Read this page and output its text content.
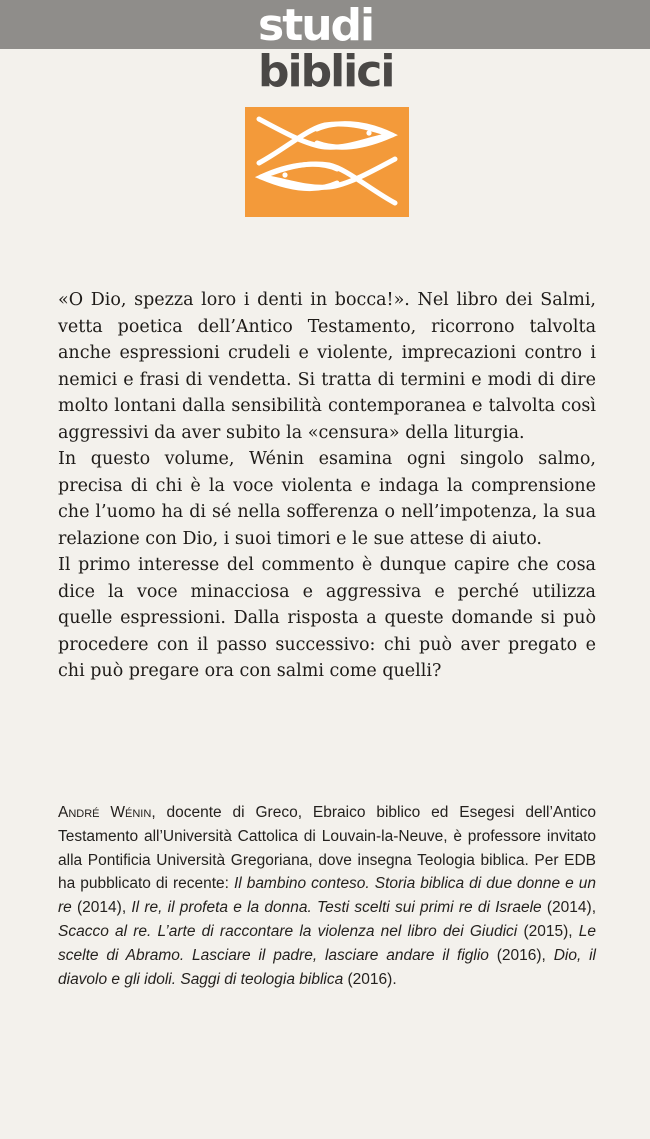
studi
biblici

«O Dio, spezza loro i denti in bocca!». Nel libro dei Salmi, vetta poetica dell’Antico Testamento, ricorrono talvolta anche espressioni crudeli e violente, imprecazioni contro i nemici e frasi di vendetta. Si tratta di termini e modi di dire molto lontani dalla sensibilità contemporanea e talvolta così aggressivi da aver subito la «censura» della liturgia.

In questo volume, Wénin esamina ogni singolo salmo, precisa di chi è la voce violenta e indaga la comprensione che l’uomo ha di sé nella sofferenza o nell’impotenza, la sua relazione con Dio, i suoi timori e le sue attese di aiuto.

Il primo interesse del commento è dunque capire che cosa dice la voce minacciosa e aggressiva e perché utilizza quelle espressioni. Dalla risposta a queste domande si può procedere con il passo successivo: chi può aver pregato e chi può pregare ora con salmi come quelli?

André Wénin, docente di Greco, Ebraico biblico ed Esegesi dell’Antico Testamento all’Università Cattolica di Louvain-la-Neuve, è professore invitato alla Pontificia Università Gregoriana, dove insegna Teologia biblica. Per EDB ha pubblicato di recente: Il bambino conteso. Storia biblica di due donne e un re (2014), Il re, il profeta e la donna. Testi scelti sui primi re di Israele (2014), Scacco al re. L’arte di raccontare la violenza nel libro dei Giudici (2015), Le scelte di Abramo. Lasciare il padre, lasciare andare il figlio (2016), Dio, il diavolo e gli idoli. Saggi di teologia biblica (2016).
